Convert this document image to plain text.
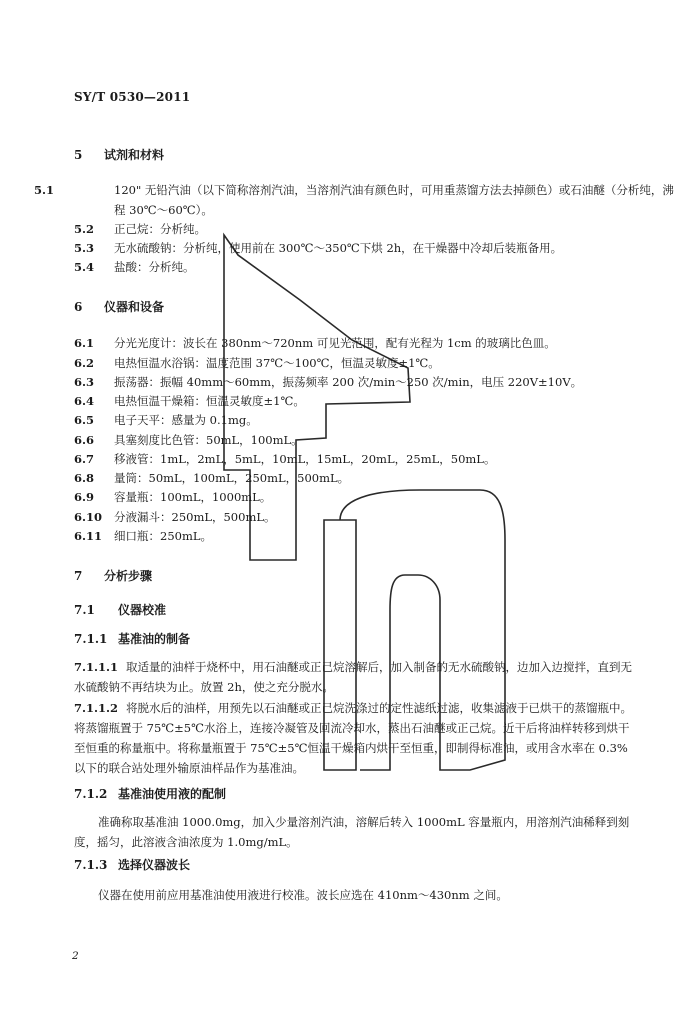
SY/T 0530—2011
5 试剂和材料
5.1	120" 无铅汽油（以下简称溶剂汽油，当溶剂汽油有颜色时，可用重蒸馏方法去掉颜色）或石油醚（分析纯，沸程 30℃～60℃）。
5.2 正己烷：分析纯。
5.3 无水硫酸钠：分析纯，使用前在 300℃～350℃下烘 2h，在干燥器中冷却后装瓶备用。
5.4 盐酸：分析纯。
6 仪器和设备
6.1 分光光度计：波长在 380nm～720nm 可见光范围，配有光程为 1cm 的玻璃比色皿。
6.2 电热恒温水浴锅：温度范围 37℃～100℃，恒温灵敏度±1℃。
6.3 振荡器：振幅 40mm～60mm，振荡频率 200 次/min～250 次/min，电压 220V±10V。
6.4 电热恒温干燥箱：恒温灵敏度±1℃。
6.5 电子天平：感量为 0.1mg。
6.6 具塞刻度比色管：50mL，100mL。
6.7 移液管：1mL，2mL，5mL，10mL，15mL，20mL，25mL，50mL。
6.8 量筒：50mL，100mL，250mL，500mL。
6.9 容量瓶：100mL，1000mL。
6.10 分液漏斗：250mL，500mL。
6.11 细口瓶：250mL。
7 分析步骤
7.1 仪器校准
7.1.1 基准油的制备
7.1.1.1 取适量的油样于烧杯中，用石油醚或正己烷溶解后，加入制备的无水硫酸钠，边加入边搅拌，直到无水硫酸钠不再结块为止。放置 2h，使之充分脱水。
7.1.1.2 将脱水后的油样，用预先以石油醚或正己烷洗涤过的定性滤纸过滤，收集滤液于已烘干的蒸馏瓶中。将蒸馏瓶置于 75℃±5℃水浴上，连接冷凝管及回流冷却水，蒸出石油醚或正己烷。近干后将油样转移到烘干至恒重的称量瓶中。将称量瓶置于 75℃±5℃恒温干燥箱内烘干至恒重，即制得标准油，或用含水率在 0.3%以下的联合站处理外输原油样品作为基准油。
7.1.2 基准油使用液的配制
准确称取基准油 1000.0mg，加入少量溶剂汽油，溶解后转入 1000mL 容量瓶内，用溶剂汽油稀释到刻度，摇匀，此溶液含油浓度为 1.0mg/mL。
7.1.3 选择仪器波长
仪器在使用前应用基准油使用液进行校准。波长应选在 410nm～430nm 之间。
2
